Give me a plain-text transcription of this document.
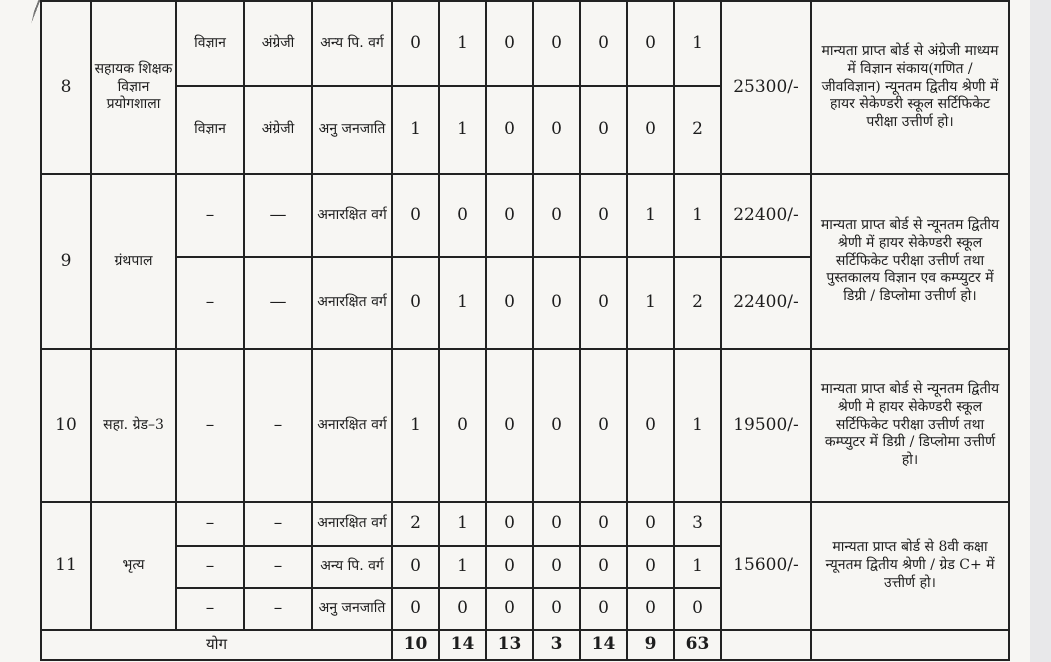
8	सहायक शिक्षक विज्ञान प्रयोगशाला	विज्ञान	अंग्रेजी	अन्य पि. वर्ग	0	1	0	0	0	0	1	25300/-	मान्यता प्राप्त बोर्ड से अंग्रेजी माध्यम में विज्ञान संकाय(गणित / जीवविज्ञान) न्यूनतम द्वितीय श्रेणी में हायर सेकेण्डरी स्कूल सर्टिफिकेट परीक्षा उत्तीर्ण हो।
		विज्ञान	अंग्रेजी	अनु जनजाति	1	1	0	0	0	0	2		
9	ग्रंथपाल	–	—	अनारक्षित वर्ग	0	0	0	0	0	1	1	22400/-	मान्यता प्राप्त बोर्ड से न्यूनतम द्वितीय श्रेणी में हायर सेकेण्डरी स्कूल सर्टिफिकेट परीक्षा उत्तीर्ण तथा पुस्तकालय विज्ञान एव कम्प्युटर में डिग्री / डिप्लोमा उत्तीर्ण हो।
		–	—	अनारक्षित वर्ग	0	1	0	0	0	1	2	22400/-	
10	सहा. ग्रेड–3	–	–	अनारक्षित वर्ग	1	0	0	0	0	0	1	19500/-	मान्यता प्राप्त बोर्ड से न्यूनतम द्वितीय श्रेणी मे हायर सेकेण्डरी स्कूल सर्टिफिकेट परीक्षा उत्तीर्ण तथा कम्प्युटर में डिग्री / डिप्लोमा उत्तीर्ण हो।
11	भृत्य	–	–	अनारक्षित वर्ग	2	1	0	0	0	0	3	15600/-	मान्यता प्राप्त बोर्ड से 8वी कक्षा न्यूनतम द्वितीय श्रेणी / ग्रेड C+ में उत्तीर्ण हो।
		–	–	अन्य पि. वर्ग	0	1	0	0	0	0	1		
		–	–	अनु जनजाति	0	0	0	0	0	0	0		
योग					10	14	13	3	14	9	63		
